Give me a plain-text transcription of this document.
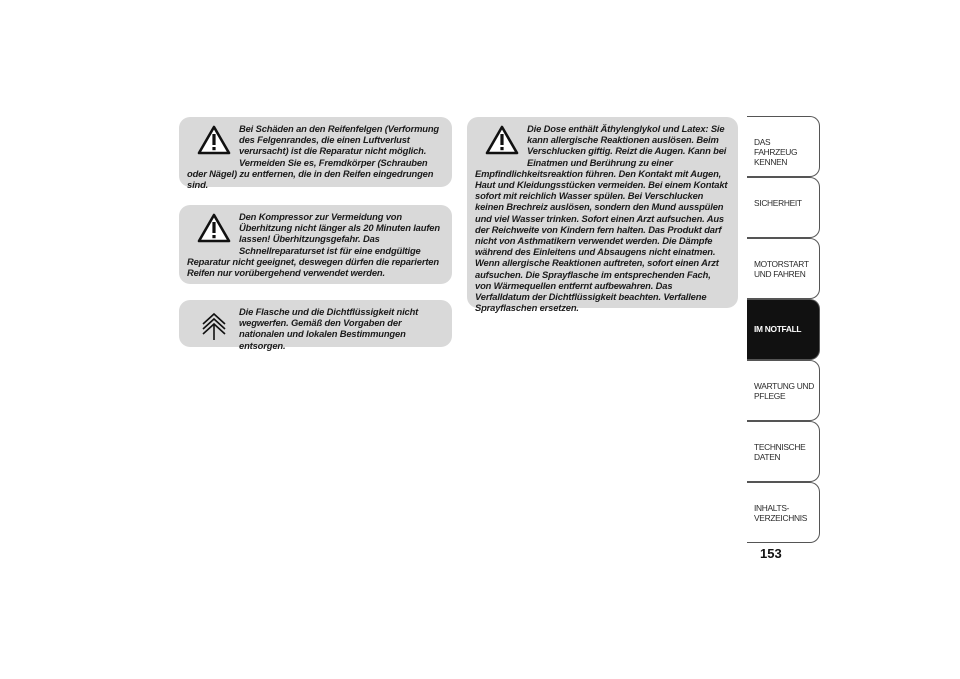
Bei Schäden an den Reifenfelgen (Verformung des Felgenrandes, die einen Luftverlust verursacht) ist die Reparatur nicht möglich. Vermeiden Sie es, Fremdkörper (Schrauben oder Nägel) zu entfernen, die in den Reifen eingedrungen sind.

Den Kompressor zur Vermeidung von Überhitzung nicht länger als 20 Minuten laufen lassen! Überhitzungsgefahr. Das Schnellreparaturset ist für eine endgültige Reparatur nicht geeignet, deswegen dürfen die reparierten Reifen nur vorübergehend verwendet werden.

Die Flasche und die Dichtflüssigkeit nicht wegwerfen. Gemäß den Vorgaben der nationalen und lokalen Bestimmungen entsorgen.

Die Dose enthält Äthylenglykol und Latex: Sie kann allergische Reaktionen auslösen. Beim Verschlucken giftig. Reizt die Augen. Kann bei Einatmen und Berührung zu einer Empfindlichkeitsreaktion führen. Den Kontakt mit Augen, Haut und Kleidungsstücken vermeiden. Bei einem Kontakt sofort mit reichlich Wasser spülen. Bei Verschlucken keinen Brechreiz auslösen, sondern den Mund ausspülen und viel Wasser trinken. Sofort einen Arzt aufsuchen. Aus der Reichweite von Kindern fern halten. Das Produkt darf nicht von Asthmatikern verwendet werden. Die Dämpfe während des Einleitens und Absaugens nicht einatmen. Wenn allergische Reaktionen auftreten, sofort einen Arzt aufsuchen. Die Sprayflasche im entsprechenden Fach, von Wärmequellen entfernt aufbewahren. Das Verfalldatum der Dichtflüssigkeit beachten. Verfallene Sprayflaschen ersetzen.

DAS FAHRZEUG KENNEN
SICHERHEIT
MOTORSTART UND FAHREN
IM NOTFALL
WARTUNG UND PFLEGE
TECHNISCHE DATEN
INHALTS-VERZEICHNIS
153
